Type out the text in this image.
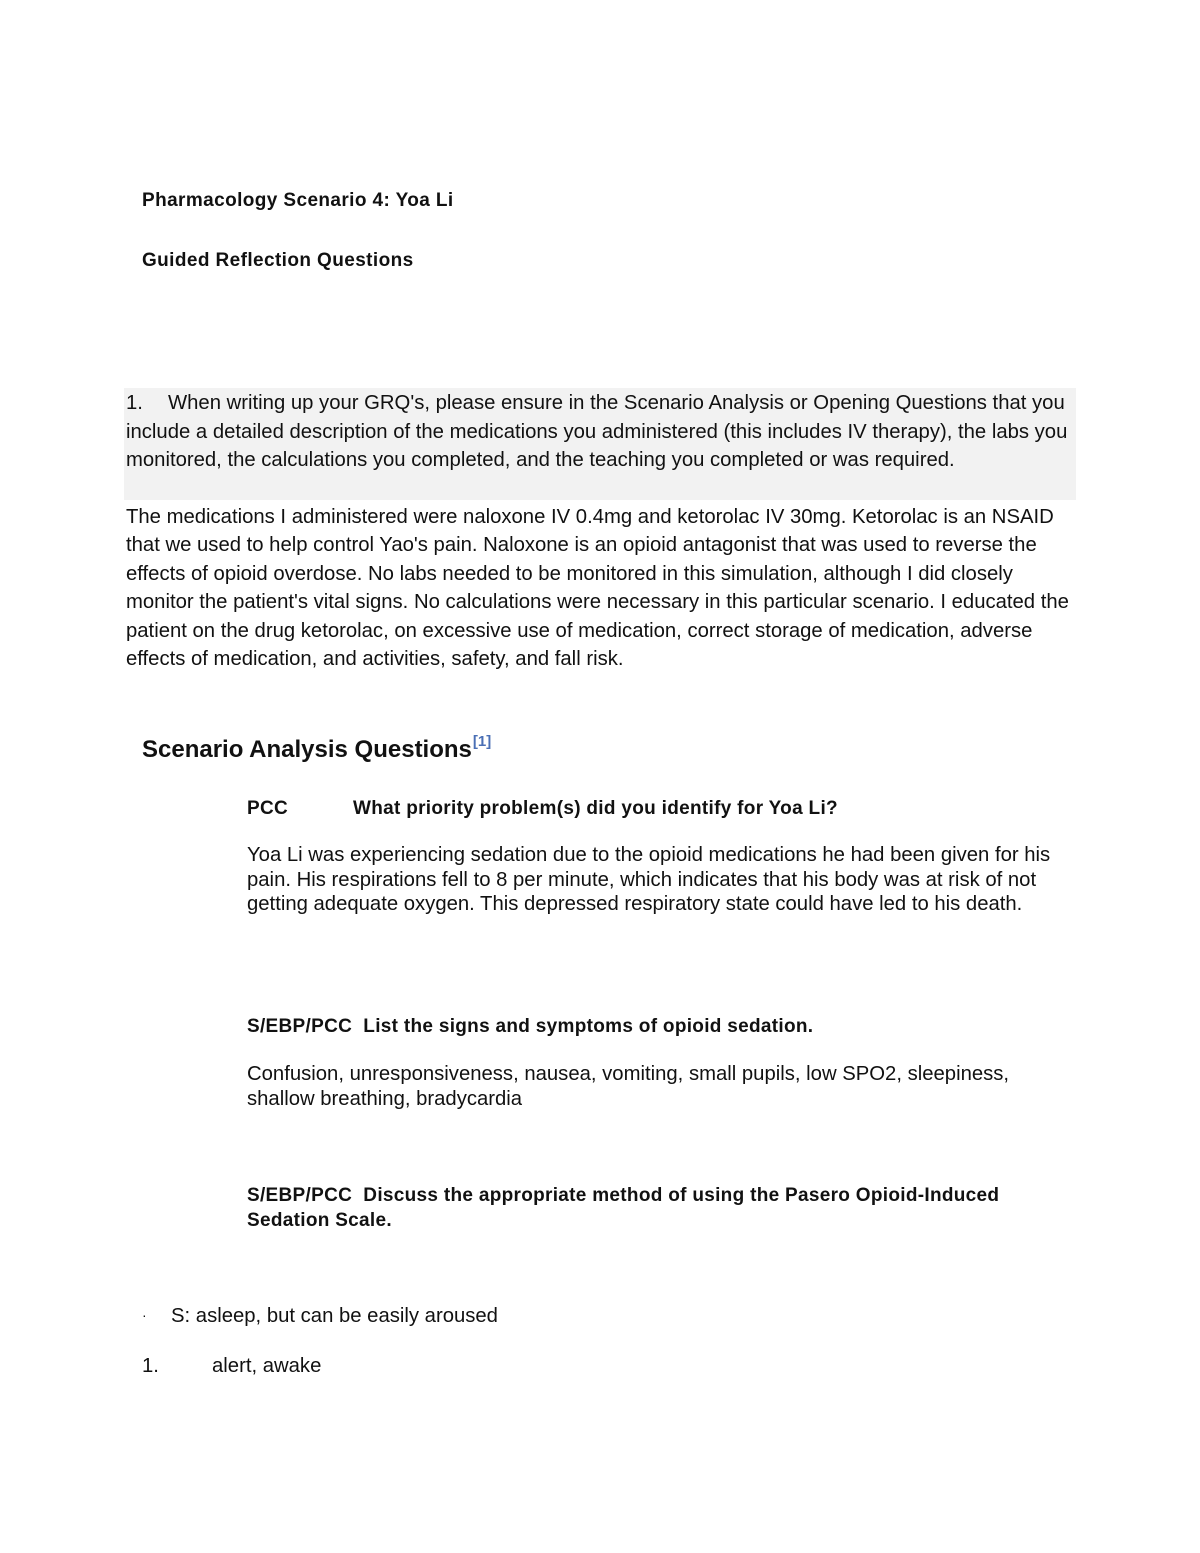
Pharmacology Scenario 4: Yoa Li
Guided Reflection Questions
1. When writing up your GRQ's, please ensure in the Scenario Analysis or Opening Questions that you include a detailed description of the medications you administered (this includes IV therapy), the labs you monitored, the calculations you completed, and the teaching you completed or was required.
The medications I administered were naloxone IV 0.4mg and ketorolac IV 30mg. Ketorolac is an NSAID that we used to help control Yao's pain. Naloxone is an opioid antagonist that was used to reverse the effects of opioid overdose. No labs needed to be monitored in this simulation, although I did closely monitor the patient's vital signs. No calculations were necessary in this particular scenario. I educated the patient on the drug ketorolac, on excessive use of medication, correct storage of medication, adverse effects of medication, and activities, safety, and fall risk.
Scenario Analysis Questions[1]
PCC	What priority problem(s) did you identify for Yoa Li?
Yoa Li was experiencing sedation due to the opioid medications he had been given for his pain. His respirations fell to 8 per minute, which indicates that his body was at risk of not getting adequate oxygen. This depressed respiratory state could have led to his death.
S/EBP/PCC List the signs and symptoms of opioid sedation.
Confusion, unresponsiveness, nausea, vomiting, small pupils, low SPO2, sleepiness, shallow breathing, bradycardia
S/EBP/PCC Discuss the appropriate method of using the Pasero Opioid-Induced Sedation Scale.
· S: asleep, but can be easily aroused
1.	alert, awake
